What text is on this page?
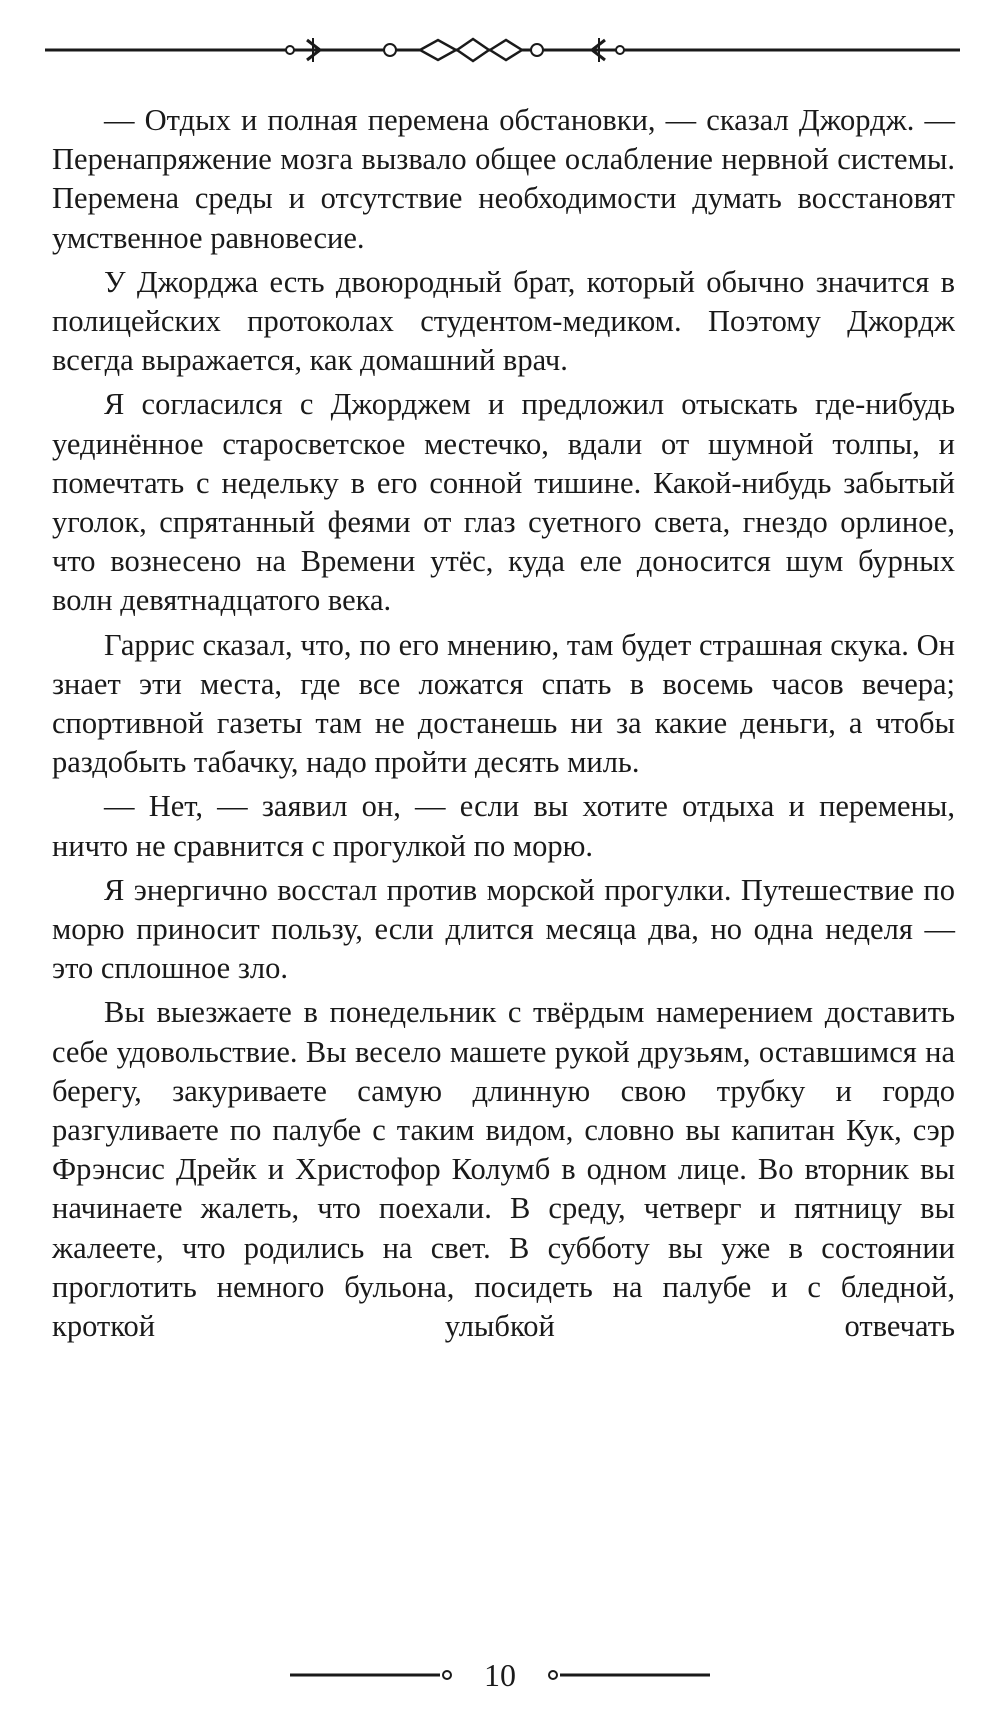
— Отдых и полная перемена обстановки, — сказал Джордж. — Перенапряжение мозга вызвало общее ослабление нервной системы. Перемена среды и отсутствие необходимости думать восстановят умственное равновесие.

У Джорджа есть двоюродный брат, который обычно значится в полицейских протоколах студентом-медиком. Поэтому Джордж всегда выражается, как домашний врач.

Я согласился с Джорджем и предложил отыскать где-нибудь уединённое старосветское местечко, вдали от шумной толпы, и помечтать с недельку в его сонной тишине. Какой-нибудь забытый уголок, спрятанный феями от глаз суетного света, гнездо орлиное, что вознесено на Времени утёс, куда еле доносится шум бурных волн девятнадцатого века.

Гаррис сказал, что, по его мнению, там будет страшная скука. Он знает эти места, где все ложатся спать в восемь часов вечера; спортивной газеты там не достанешь ни за какие деньги, а чтобы раздобыть табачку, надо пройти десять миль.

— Нет, — заявил он, — если вы хотите отдыха и перемены, ничто не сравнится с прогулкой по морю.

Я энергично восстал против морской прогулки. Путешествие по морю приносит пользу, если длится месяца два, но одна неделя — это сплошное зло.

Вы выезжаете в понедельник с твёрдым намерением доставить себе удовольствие. Вы весело машете рукой друзьям, оставшимся на берегу, закуриваете самую длинную свою трубку и гордо разгуливаете по палубе с таким видом, словно вы капитан Кук, сэр Фрэнсис Дрейк и Христофор Колумб в одном лице. Во вторник вы начинаете жалеть, что поехали. В среду, четверг и пятницу вы жалеете, что родились на свет. В субботу вы уже в состоянии проглотить немного бульона, посидеть на палубе и с бледной, кроткой улыбкой отвечать

10
